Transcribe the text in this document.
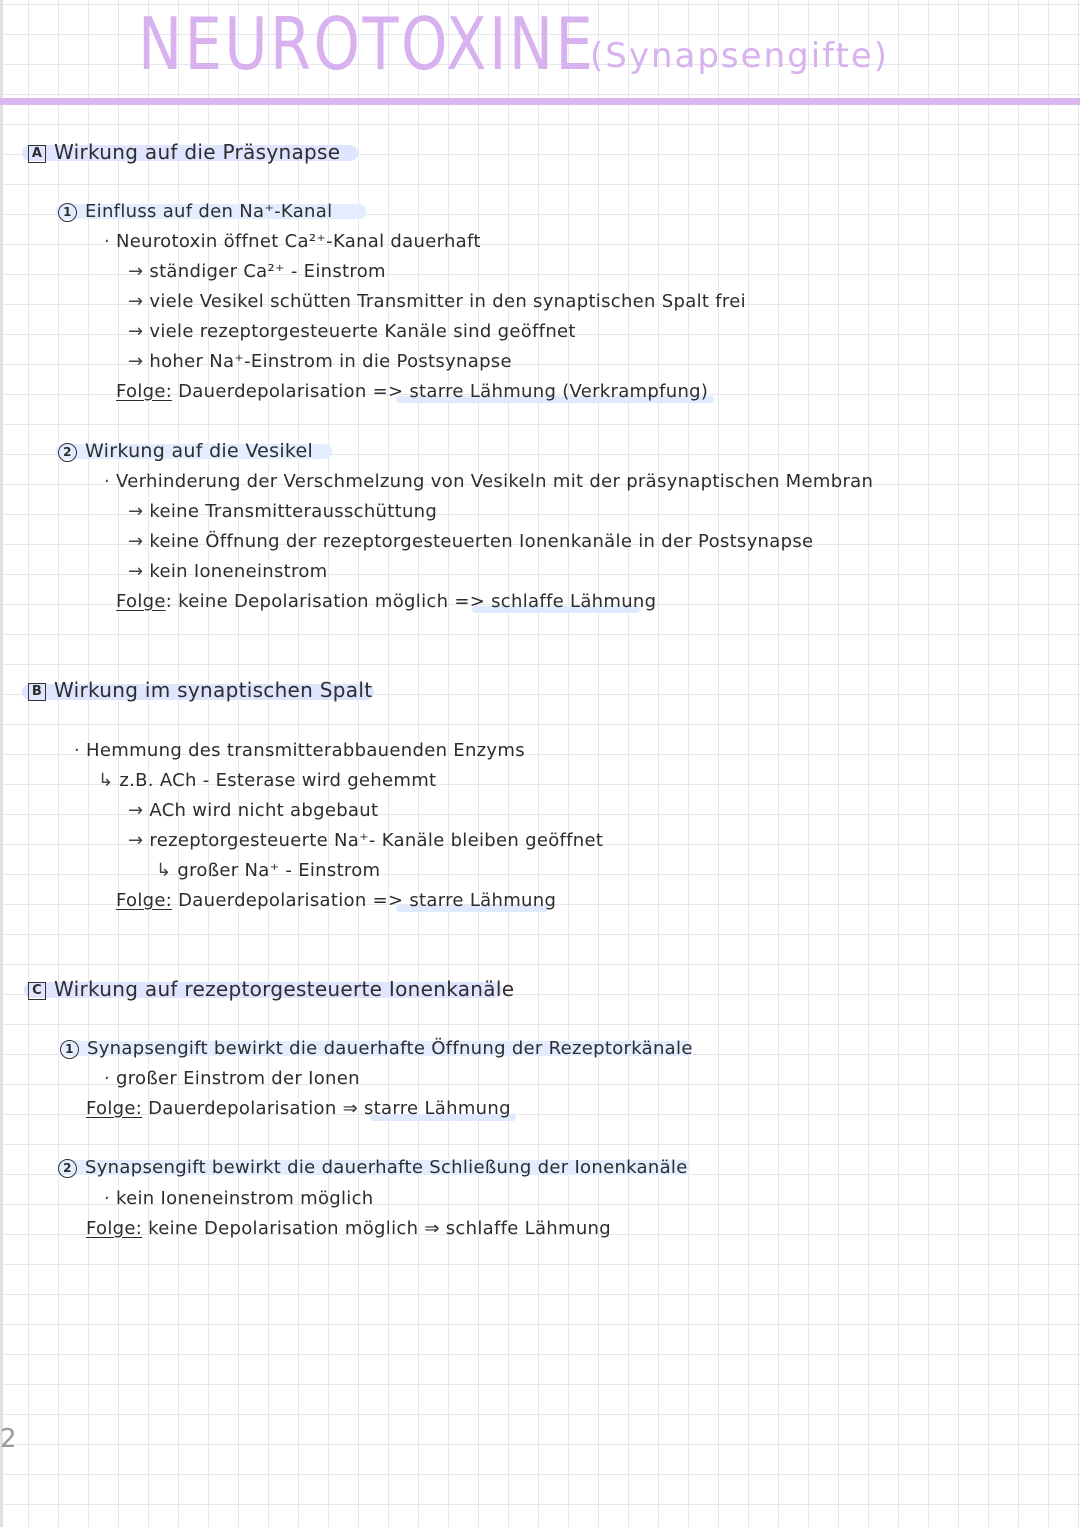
NEUROTOXINE
(Synapsengifte)
A Wirkung auf die Präsynapse
1 Einfluss auf den Na⁺-Kanal
· Neurotoxin öffnet Ca²⁺-Kanal dauerhaft
→ ständiger Ca²⁺ - Einstrom
→ viele Vesikel schütten Transmitter in den synaptischen Spalt frei
→ viele rezeptorgesteuerte Kanäle sind geöffnet
→ hoher Na⁺-Einstrom in die Postsynapse
Folge: Dauerdepolarisation => starre Lähmung (Verkrampfung)
2 Wirkung auf die Vesikel
· Verhinderung der Verschmelzung von Vesikeln mit der präsynaptischen Membran
→ keine Transmitterausschüttung
→ keine Öffnung der rezeptorgesteuerten Ionenkanäle in der Postsynapse
→ kein Ioneneinstrom
Folge: keine Depolarisation möglich => schlaffe Lähmung
B Wirkung im synaptischen Spalt
· Hemmung des transmitterabbauenden Enzyms
↳ z.B. ACh - Esterase wird gehemmt
→ ACh wird nicht abgebaut
→ rezeptorgesteuerte Na⁺- Kanäle bleiben geöffnet
↳ großer Na⁺ - Einstrom
Folge: Dauerdepolarisation => starre Lähmung
C Wirkung auf rezeptorgesteuerte Ionenkanäle
1 Synapsengift bewirkt die dauerhafte Öffnung der Rezeptorkänale
· großer Einstrom der Ionen
Folge: Dauerdepolarisation ⇒ starre Lähmung
2 Synapsengift bewirkt die dauerhafte Schließung der Ionenkanäle
· kein Ioneneinstrom möglich
Folge: keine Depolarisation möglich ⇒ schlaffe Lähmung
2
